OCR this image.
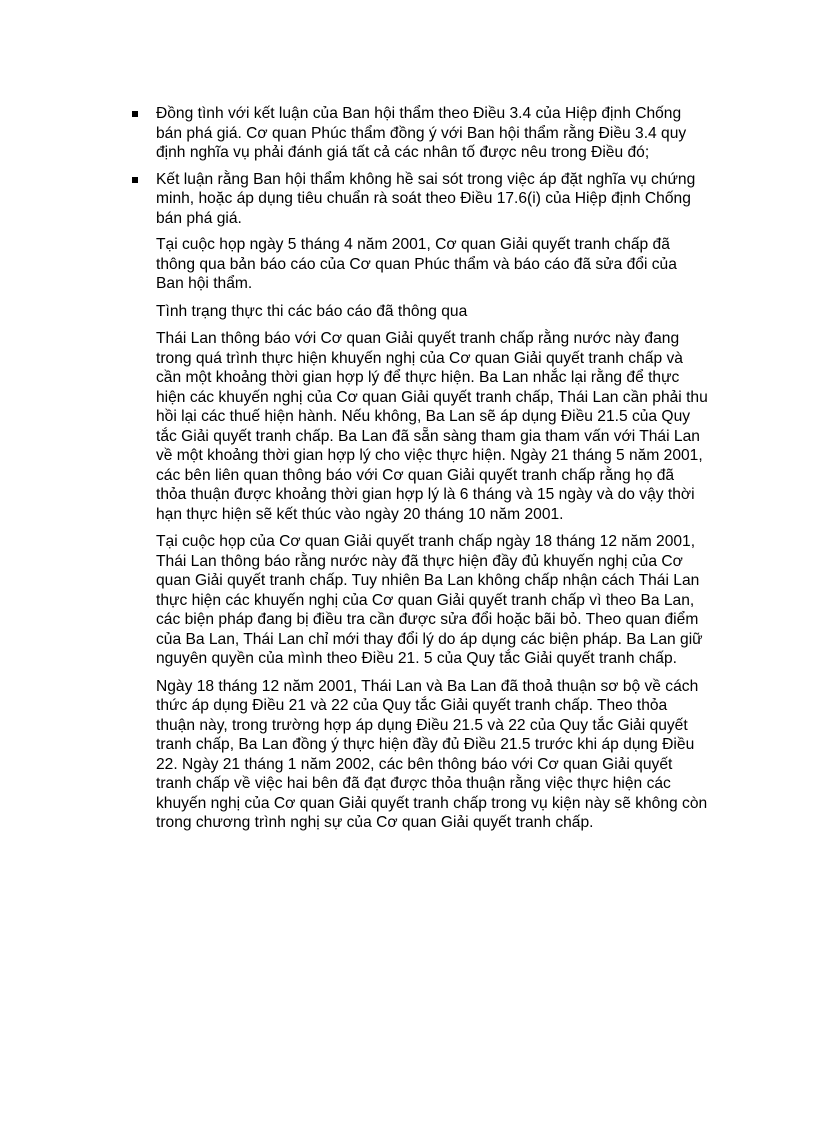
Đồng tình với kết luận của Ban hội thẩm theo Điều 3.4 của Hiệp định Chống bán phá giá. Cơ quan Phúc thẩm đồng ý với Ban hội thẩm rằng Điều 3.4 quy định nghĩa vụ phải đánh giá tất cả các nhân tố được nêu trong Điều đó;
Kết luận rằng Ban hội thẩm không hề sai sót trong việc áp đặt nghĩa vụ chứng minh, hoặc áp dụng tiêu chuẩn rà soát theo Điều 17.6(i) của Hiệp định Chống bán phá giá.

Tại cuộc họp ngày 5 tháng 4 năm 2001, Cơ quan Giải quyết tranh chấp đã thông qua bản báo cáo của Cơ quan Phúc thẩm và báo cáo đã sửa đổi của Ban hội thẩm.

Tình trạng thực thi các báo cáo đã thông qua

Thái Lan thông báo với Cơ quan Giải quyết tranh chấp rằng nước này đang trong quá trình thực hiện khuyến nghị của Cơ quan Giải quyết tranh chấp và cần một khoảng thời gian hợp lý để thực hiện. Ba Lan nhắc lại rằng để thực hiện các khuyến nghị của Cơ quan Giải quyết tranh chấp, Thái Lan cần phải thu hồi lại các thuế hiện hành. Nếu không, Ba Lan sẽ áp dụng Điều 21.5 của Quy tắc Giải quyết tranh chấp. Ba Lan đã sẵn sàng tham gia tham vấn với Thái Lan về một khoảng thời gian hợp lý cho việc thực hiện. Ngày 21 tháng 5 năm 2001, các bên liên quan thông báo với Cơ quan Giải quyết tranh chấp rằng họ đã thỏa thuận được khoảng thời gian hợp lý là 6 tháng và 15 ngày và do vậy thời hạn thực hiện sẽ kết thúc vào ngày 20 tháng 10 năm 2001.

Tại cuộc họp của Cơ quan Giải quyết tranh chấp ngày 18 tháng 12 năm 2001, Thái Lan thông báo rằng nước này đã thực hiện đầy đủ khuyến nghị của Cơ quan Giải quyết tranh chấp. Tuy nhiên Ba Lan không chấp nhận cách Thái Lan thực hiện các khuyến nghị của Cơ quan Giải quyết tranh chấp vì theo Ba Lan, các biện pháp đang bị điều tra cần được sửa đổi hoặc bãi bỏ. Theo quan điểm của Ba Lan, Thái Lan chỉ mới thay đổi lý do áp dụng các biện pháp. Ba Lan giữ nguyên quyền của mình theo Điều 21. 5 của Quy tắc Giải quyết tranh chấp.

Ngày 18 tháng 12 năm 2001, Thái Lan và Ba Lan đã thoả thuận sơ bộ về cách thức áp dụng Điều 21 và 22 của Quy tắc Giải quyết tranh chấp. Theo thỏa thuận này, trong trường hợp áp dụng Điều 21.5 và 22 của Quy tắc Giải quyết tranh chấp, Ba Lan đồng ý thực hiện đầy đủ Điều 21.5 trước khi áp dụng Điều 22. Ngày 21 tháng 1 năm 2002, các bên thông báo với Cơ quan Giải quyết tranh chấp về việc hai bên đã đạt được thỏa thuận rằng việc thực hiện các khuyến nghị của Cơ quan Giải quyết tranh chấp trong vụ kiện này sẽ không còn trong chương trình nghị sự của Cơ quan Giải quyết tranh chấp.
